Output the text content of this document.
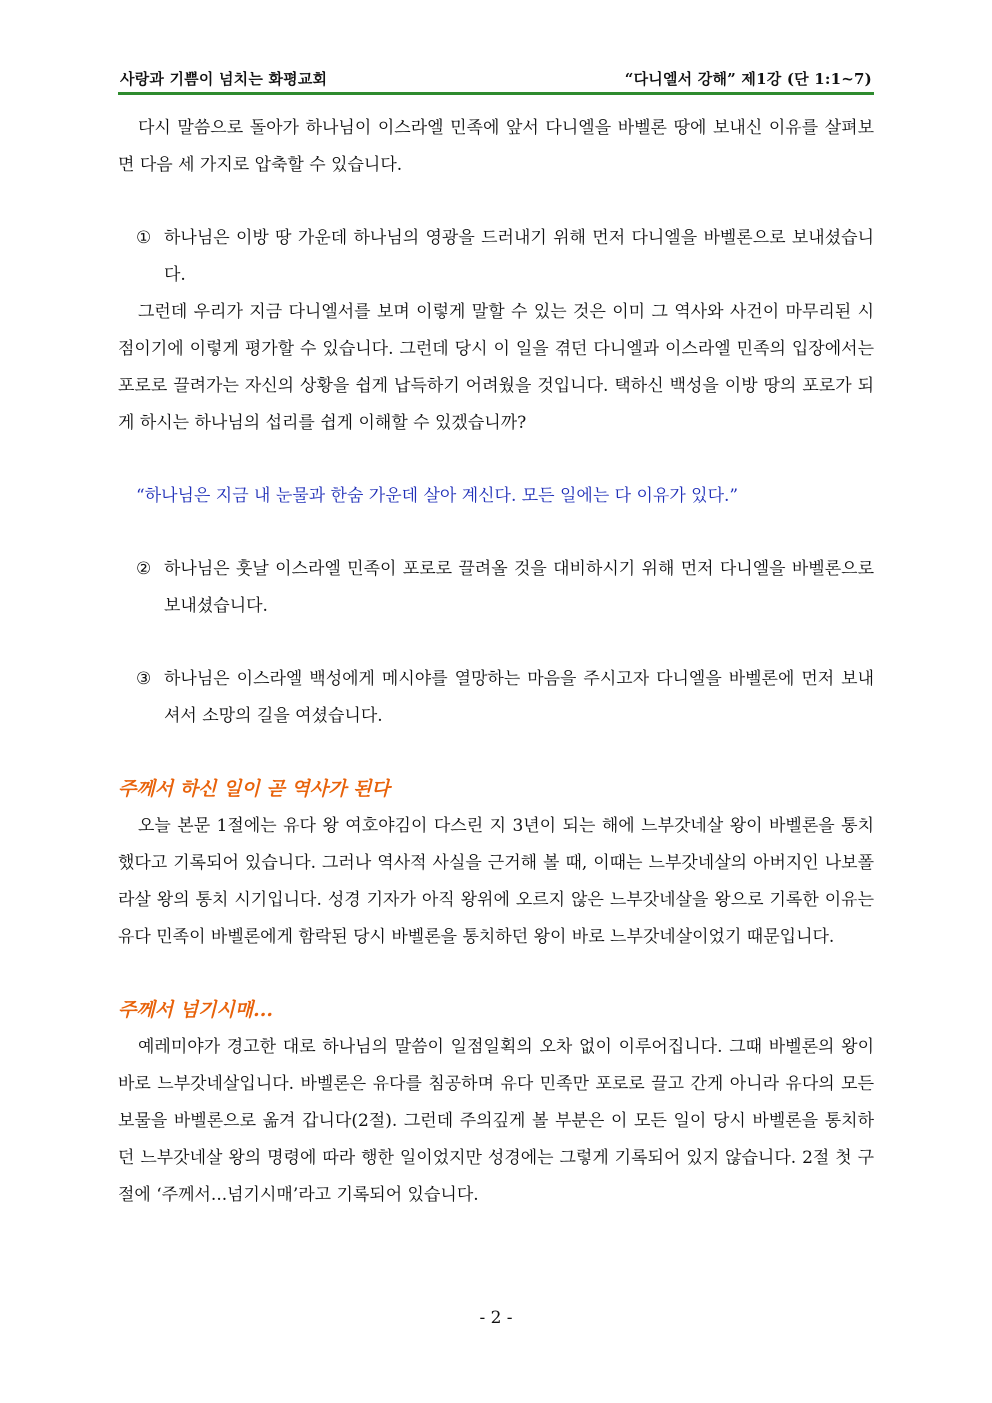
사랑과 기쁨이 넘치는 화평교회	“다니엘서 강해” 제1강 (단 1:1~7)

다시 말씀으로 돌아가 하나님이 이스라엘 민족에 앞서 다니엘을 바벨론 땅에 보내신 이유를 살펴보면 다음 세 가지로 압축할 수 있습니다.

① 하나님은 이방 땅 가운데 하나님의 영광을 드러내기 위해 먼저 다니엘을 바벨론으로 보내셨습니다.

그런데 우리가 지금 다니엘서를 보며 이렇게 말할 수 있는 것은 이미 그 역사와 사건이 마무리된 시점이기에 이렇게 평가할 수 있습니다. 그런데 당시 이 일을 겪던 다니엘과 이스라엘 민족의 입장에서는 포로로 끌려가는 자신의 상황을 쉽게 납득하기 어려웠을 것입니다. 택하신 백성을 이방 땅의 포로가 되게 하시는 하나님의 섭리를 쉽게 이해할 수 있겠습니까?

“하나님은 지금 내 눈물과 한숨 가운데 살아 계신다. 모든 일에는 다 이유가 있다.”

② 하나님은 훗날 이스라엘 민족이 포로로 끌려올 것을 대비하시기 위해 먼저 다니엘을 바벨론으로 보내셨습니다.
③ 하나님은 이스라엘 백성에게 메시야를 열망하는 마음을 주시고자 다니엘을 바벨론에 먼저 보내셔서 소망의 길을 여셨습니다.
주께서 하신 일이 곧 역사가 된다

오늘 본문 1절에는 유다 왕 여호야김이 다스린 지 3년이 되는 해에 느부갓네살 왕이 바벨론을 통치했다고 기록되어 있습니다. 그러나 역사적 사실을 근거해 볼 때, 이때는 느부갓네살의 아버지인 나보폴라살 왕의 통치 시기입니다. 성경 기자가 아직 왕위에 오르지 않은 느부갓네살을 왕으로 기록한 이유는 유다 민족이 바벨론에게 함락된 당시 바벨론을 통치하던 왕이 바로 느부갓네살이었기 때문입니다.

주께서 넘기시매...

예레미야가 경고한 대로 하나님의 말씀이 일점일획의 오차 없이 이루어집니다. 그때 바벨론의 왕이 바로 느부갓네살입니다. 바벨론은 유다를 침공하며 유다 민족만 포로로 끌고 간게 아니라 유다의 모든 보물을 바벨론으로 옮겨 갑니다(2절). 그런데 주의깊게 볼 부분은 이 모든 일이 당시 바벨론을 통치하던 느부갓네살 왕의 명령에 따라 행한 일이었지만 성경에는 그렇게 기록되어 있지 않습니다. 2절 첫 구절에 ‘주께서...넘기시매’라고 기록되어 있습니다.

- 2 -
